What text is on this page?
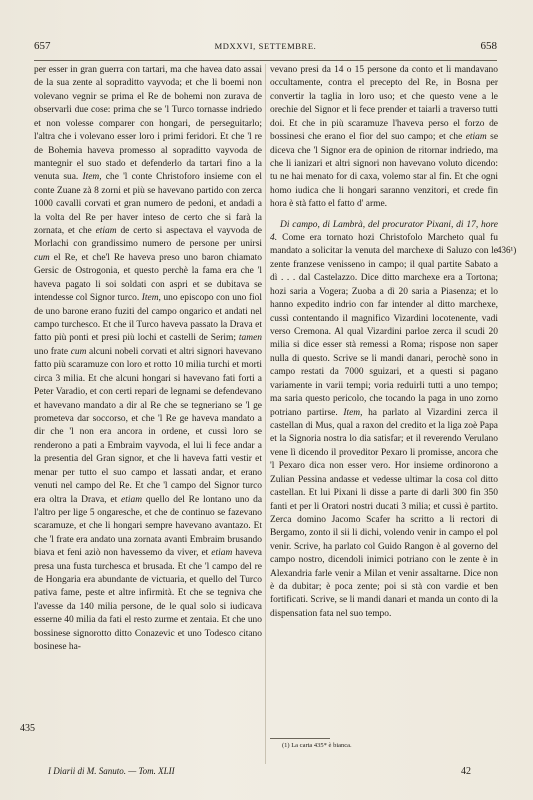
657	MDXXVI, SETTEMBRE.	658

per esser in gran guerra con tartari, ma che havea dato assai de la sua zente al sopraditto vayvoda; et che li boemi non volevano vegnir se prima el Re de bohemi non zurava de observarli due cose: prima che se 'l Turco tornasse indriedo et non volesse comparer con hongari, de perseguitarlo; l'altra che i volevano esser loro i primi feridori. Et che 'l re de Bohemia haveva promesso al sopraditto vayvoda de mantegnir el suo stado et defenderlo da tartari fino a la venuta sua. Item, che 'l conte Christoforo insieme con el conte Zuane zà 8 zorni et più se havevano partido con zerca 1000 cavalli corvati et gran numero de pedoni, et andadi a la volta del Re per haver inteso de certo che si farà la zornata, et che etiam de certo si aspectava el vayvoda de Morlachi con grandissimo numero de persone per unirsi cum el Re, et che'l Re haveva preso uno baron chiamato Gersic de Ostrogonia, et questo perchè la fama era che 'l haveva pagato li soi soldati con aspri et se dubitava se intendesse col Signor turco. Item, uno episcopo con uno fiol de uno barone erano fuziti del campo ongarico et andati nel campo turchesco. Et che il Turco haveva passato la Drava et fatto più ponti et presi più lochi et castelli de Serim; tamen uno frate cum alcuni nobeli corvati et altri signori havevano fatto più scaramuze con loro et rotto 10 milia turchi et morti circa 3 milia. Et che alcuni hongari si havevano fati forti a Peter Varadio, et con certi repari de legnami se defendevano et havevano mandato a dir al Re che se tegneriano se 'l ge prometeva dar soccorso, et che 'l Re ge haveva mandato a dir che 'l non era ancora in ordene, et cussì loro se renderono a pati a Embraim vayvoda, el lui li fece andar a la presentia del Gran signor, et che li haveva fatti vestir et menar per tutto el suo campo et lassati andar, et erano venuti nel campo del Re. Et che 'l campo del Signor turco era oltra la Drava, et etiam quello del Re lontano uno da l'altro per lige 5 ongaresche, et che de continuo se fazevano scaramuze, et che li hongari sempre havevano avantazo. Et che 'l frate era andato una zornata avanti Embraim brusando biava et feni aziò non havessemo da viver, et etiam haveva presa una fusta turchesca et brusada. Et che 'l campo del re de Hongaria era abundante de victuaria, et quello del Turco pativa fame, peste et altre infirmità. Et che se tegniva che l'avesse da 140 milia persone, de le qual solo si iudicava esserne 40 milia da fati el resto zurme et zentaia. Et che uno bossinese signorotto ditto Conazevic et uno Todesco citano bosinese ha-

vevano presi da 14 o 15 persone da conto et li mandavano occultamente, contra el precepto del Re, in Bosna per convertir la taglia in loro uso; et che questo vene a le orechie del Signor et li fece prender et taiarli a traverso tutti doi. Et che in più scaramuze l'haveva perso el forzo de bossinesi che erano el fior del suo campo; et che etiam se diceva che 'l Signor era de opinion de ritornar indriedo, ma che li ianizari et altri signori non havevano voluto dicendo: tu ne hai menato for di caxa, volemo star al fin. Et che ogni homo iudica che li hongari saranno venzitori, et crede fin hora è stà fatto el fatto d' arme.

Di campo, di Lambrà, del procurator Pixani, di 17, hore 4. Come era tornato hozi Christofolo Marcheto qual fu mandato a solicitar la venuta del marchexe di Saluzo con le zente franzese venisseno in campo; il qual partite Sabato a dì . . . dal Castelazzo. Dice ditto marchexe era a Tortona; hozi saria a Vogera; Zuoba a dì 20 saria a Piasenza; et lo hanno expedito indrio con far intender al ditto marchexe, cussì contentando il magnifico Vizardini locotenente, vadi verso Cremona. Al qual Vizardini parloe zerca il scudi 20 milia si dice esser stà remessi a Roma; rispose non saper nulla di questo. Scrive se li mandi danari, perochè sono in campo restati da 7000 sguizari, et a questi si pagano variamente in varii tempi; voria reduirli tutti a uno tempo; ma saria questo pericolo, che tocando la paga in uno zorno potriano partirse. Item, ha parlato al Vizardini zerca il castellan di Mus, qual a raxon del credito et la liga zoè Papa et la Signoria nostra lo dia satisfar; et il reverendo Verulano vene lì dicendo il proveditor Pexaro li promisse, ancora che 'l Pexaro dica non esser vero. Hor insieme ordinorono a Zulian Pessina andasse et vedesse ultimar la cosa col ditto castellan. Et lui Pixani li disse a parte di darli 300 fin 350 fanti et per li Oratori nostri ducati 3 milia; et cussì è partito. Zerca domino Jacomo Scafer ha scritto a li rectori di Bergamo, zonto il sii li dichi, volendo venir in campo el pol venir. Scrive, ha parlato col Guido Rangon è al governo del campo nostro, dicendoli inimici potriano con le zente è in Alexandria farle venir a Milan et venir assaltarne. Dice non è da dubitar; è poca zente; poi si stà con vardie et ben fortificati. Scrive, se li mandi danari et manda un conto di la dispensation fata nel suo tempo.

435
436¹)
(1) La carta 435* è bianca.
I Diarii di M. Sanuto. — Tom. XLII	42
